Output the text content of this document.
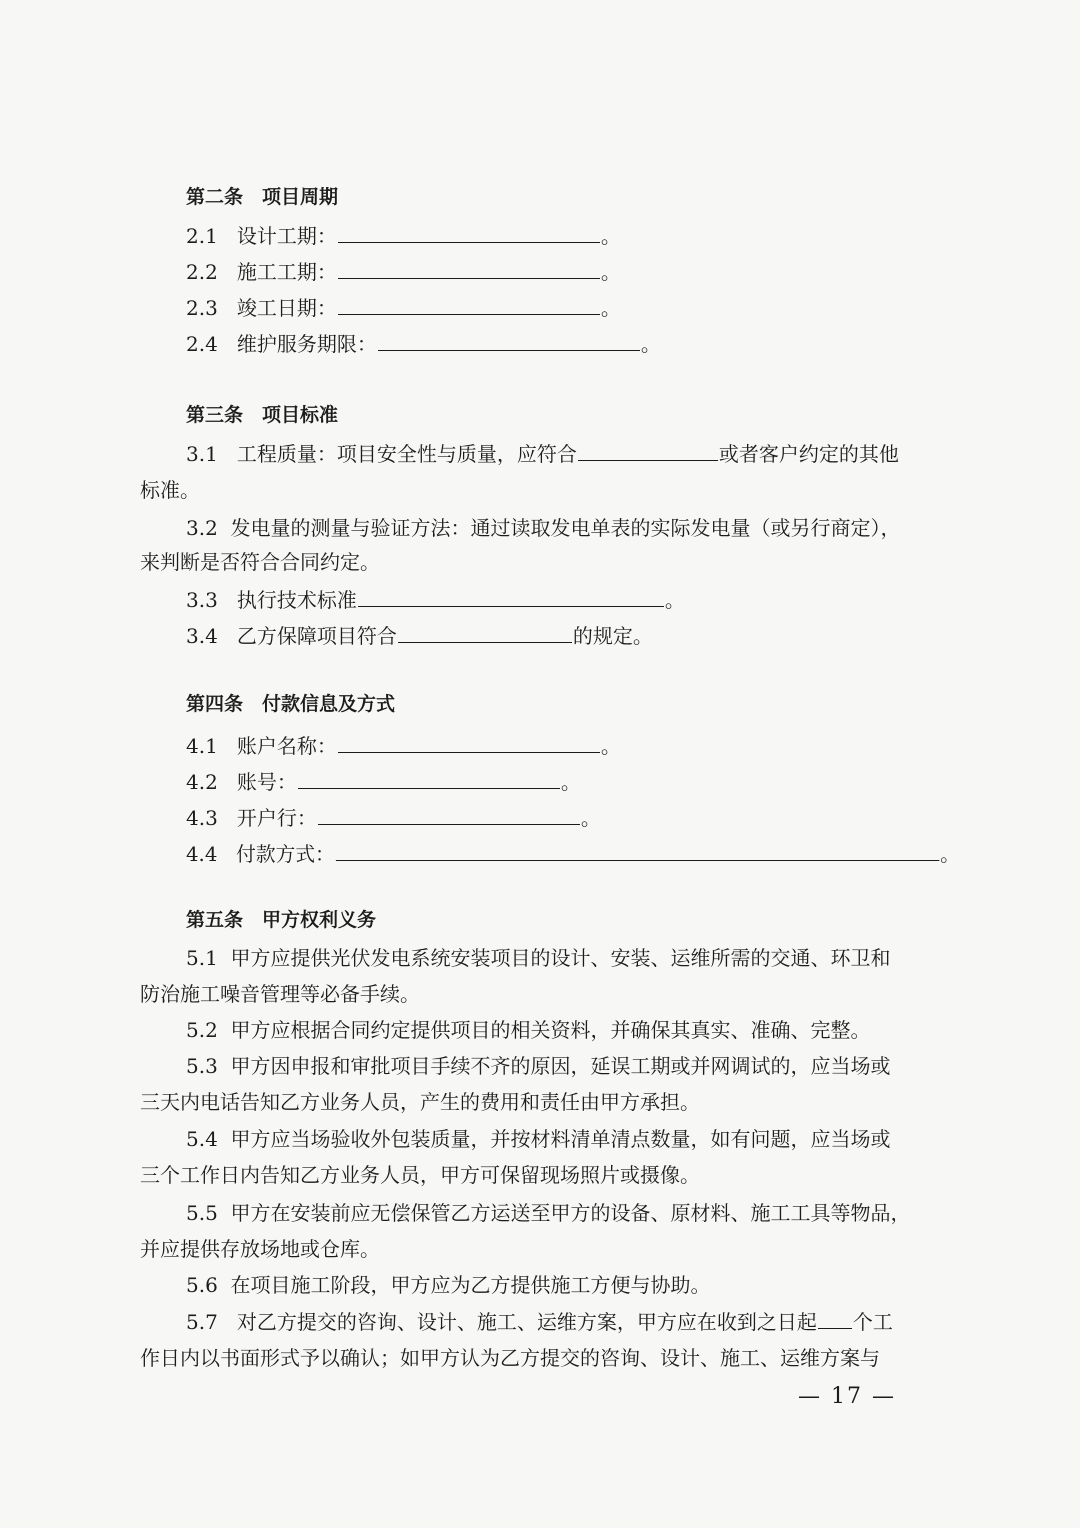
第二条　项目周期
2.1 设计工期：	。
2.2 施工工期：	。
2.3 竣工日期：	。
2.4 维护服务期限：	。
第三条　项目标准
3.1 工程质量：项目安全性与质量，应符合	或者客户约定的其他
标准。
3.2 发电量的测量与验证方法：通过读取发电单表的实际发电量（或另行商定），
来判断是否符合合同约定。
3.3 执行技术标准	。
3.4 乙方保障项目符合	的规定。
第四条　付款信息及方式
4.1 账户名称：	。
4.2 账号：	。
4.3 开户行：	。
4.4 付款方式：	。
第五条　甲方权利义务
5.1 甲方应提供光伏发电系统安装项目的设计、安装、运维所需的交通、环卫和
防治施工噪音管理等必备手续。
5.2 甲方应根据合同约定提供项目的相关资料，并确保其真实、准确、完整。
5.3 甲方因申报和审批项目手续不齐的原因，延误工期或并网调试的，应当场或
三天内电话告知乙方业务人员，产生的费用和责任由甲方承担。
5.4 甲方应当场验收外包装质量，并按材料清单清点数量，如有问题，应当场或
三个工作日内告知乙方业务人员，甲方可保留现场照片或摄像。
5.5 甲方在安装前应无偿保管乙方运送至甲方的设备、原材料、施工工具等物品，
并应提供存放场地或仓库。
5.6 在项目施工阶段，甲方应为乙方提供施工方便与协助。
5.7 对乙方提交的咨询、设计、施工、运维方案，甲方应在收到之日起 个工
作日内以书面形式予以确认；如甲方认为乙方提交的咨询、设计、施工、运维方案与
— 17 —
